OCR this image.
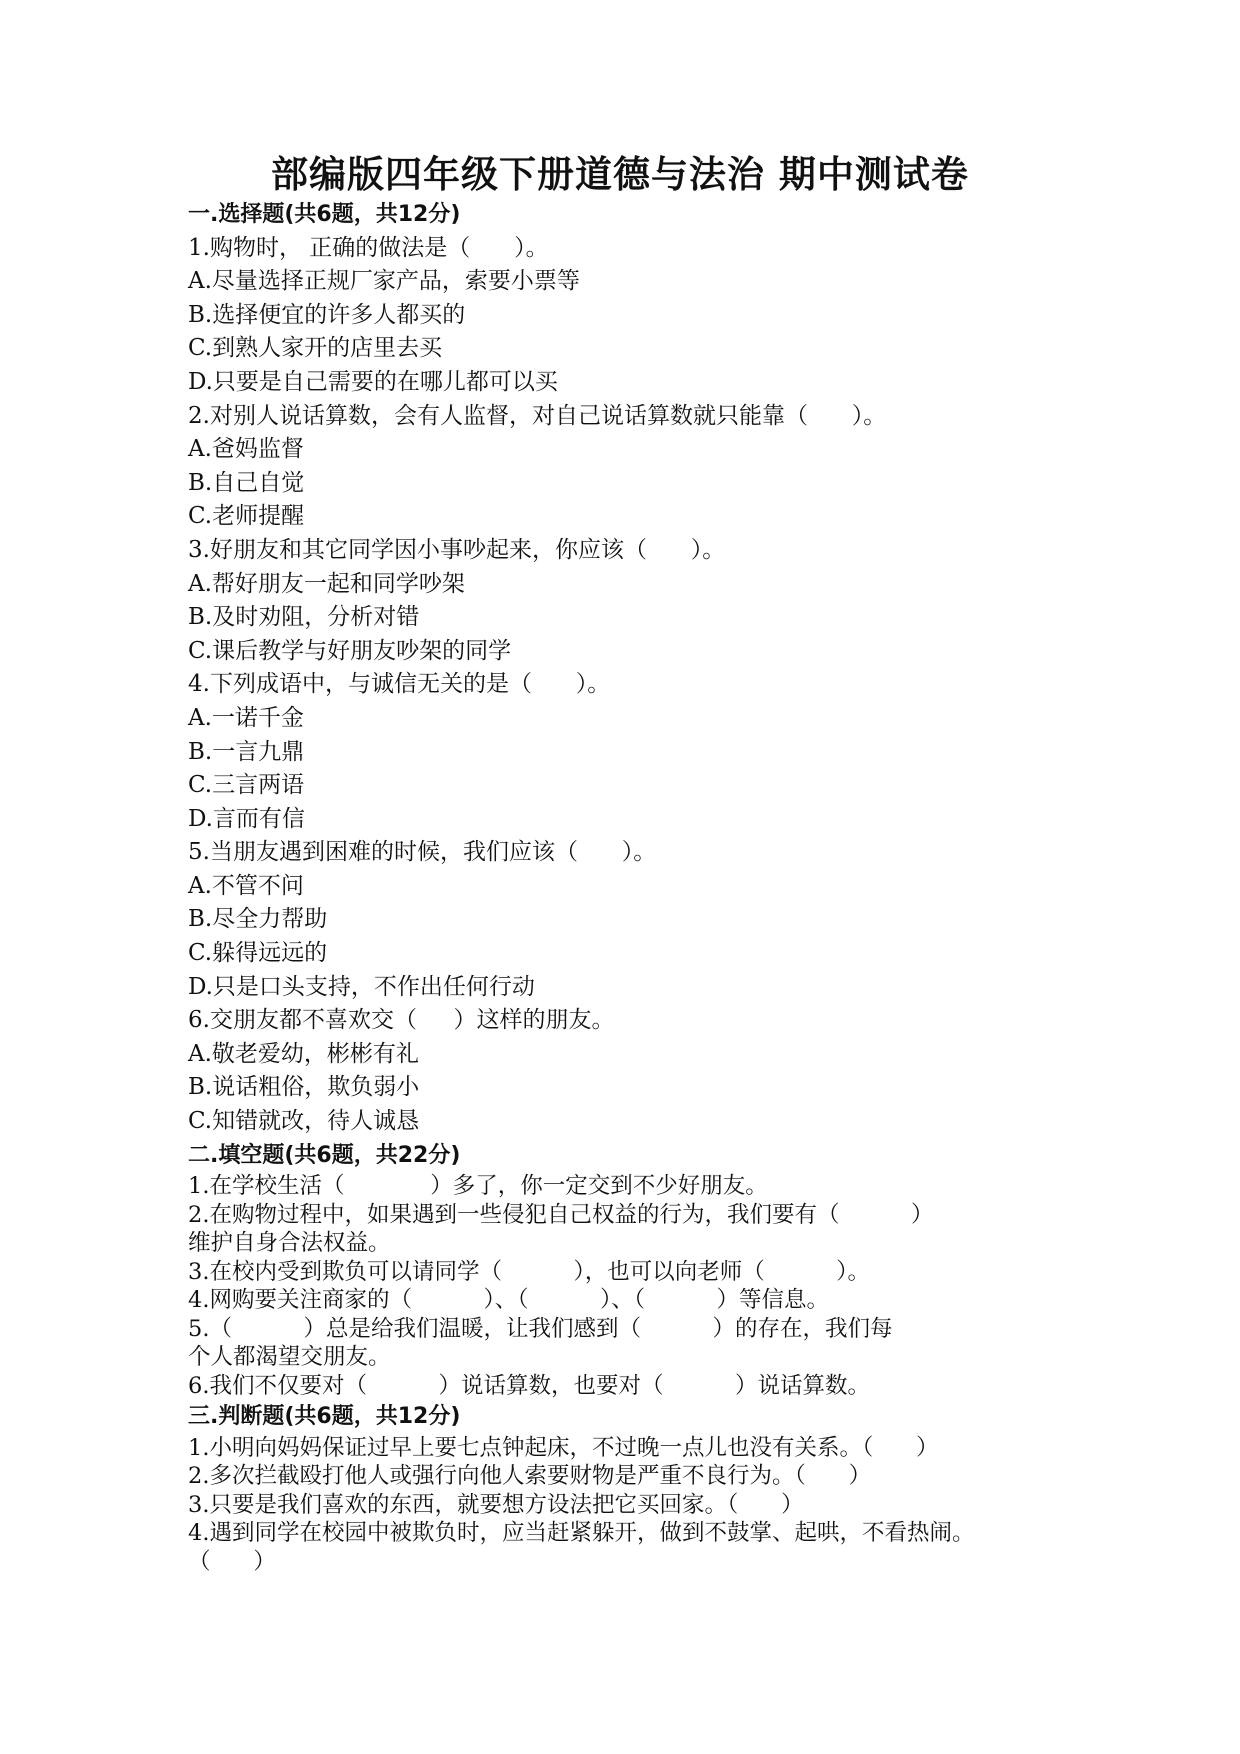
部编版四年级下册道德与法治 期中测试卷
一.选择题(共6题，共12分)
1.购物时， 正确的做法是（      ）。
A.尽量选择正规厂家产品，索要小票等
B.选择便宜的许多人都买的
C.到熟人家开的店里去买
D.只要是自己需要的在哪儿都可以买
2.对别人说话算数，会有人监督，对自己说话算数就只能靠（      ）。
A.爸妈监督
B.自己自觉
C.老师提醒
3.好朋友和其它同学因小事吵起来，你应该（      ）。
A.帮好朋友一起和同学吵架
B.及时劝阻，分析对错
C.课后教学与好朋友吵架的同学
4.下列成语中，与诚信无关的是（      ）。
A.一诺千金
B.一言九鼎
C.三言两语
D.言而有信
5.当朋友遇到困难的时候，我们应该（      ）。
A.不管不问
B.尽全力帮助
C.躲得远远的
D.只是口头支持，不作出任何行动
6.交朋友都不喜欢交（     ）这样的朋友。
A.敬老爱幼，彬彬有礼
B.说话粗俗，欺负弱小
C.知错就改，待人诚恳
二.填空题(共6题，共22分)
1.在学校生活（            ）多了，你一定交到不少好朋友。
2.在购物过程中，如果遇到一些侵犯自己权益的行为，我们要有（          ）
维护自身合法权益。
3.在校内受到欺负可以请同学（          ），也可以向老师（          ）。
4.网购要关注商家的（          ）、（          ）、（          ）等信息。
5.（          ）总是给我们温暖，让我们感到（          ）的存在，我们每
个人都渴望交朋友。
6.我们不仅要对（          ）说话算数，也要对（          ）说话算数。
三.判断题(共6题，共12分)
1.小明向妈妈保证过早上要七点钟起床，不过晚一点儿也没有关系。（      ）
2.多次拦截殴打他人或强行向他人索要财物是严重不良行为。（      ）
3.只要是我们喜欢的东西，就要想方设法把它买回家。（      ）
4.遇到同学在校园中被欺负时，应当赶紧躲开，做到不鼓掌、起哄，不看热闹。
（      ）
